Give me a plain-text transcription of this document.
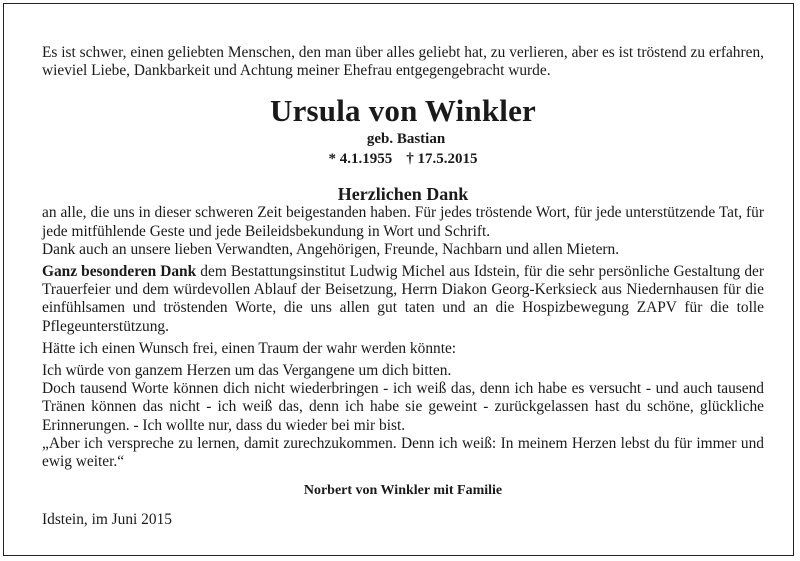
Es ist schwer, einen geliebten Menschen, den man über alles geliebt hat, zu verlieren, aber es ist tröstend zu erfahren, wieviel Liebe, Dankbarkeit und Achtung meiner Ehefrau entgegengebracht wurde.

Ursula von Winkler

geb. Bastian

* 4.1.1955 † 17.5.2015

Herzlichen Dank

an alle, die uns in dieser schweren Zeit beigestanden haben. Für jedes tröstende Wort, für jede unterstützende Tat, für jede mitfühlende Geste und jede Beileidsbekundung in Wort und Schrift.

Dank auch an unsere lieben Verwandten, Angehörigen, Freunde, Nachbarn und allen Mietern.

Ganz besonderen Dank dem Bestattungsinstitut Ludwig Michel aus Idstein, für die sehr persönliche Gestaltung der Trauerfeier und dem würdevollen Ablauf der Beisetzung, Herrn Diakon Georg-Kerksieck aus Niedernhausen für die einfühlsamen und tröstenden Worte, die uns allen gut taten und an die Hospizbewegung ZAPV für die tolle Pflegeunterstützung.

Hätte ich einen Wunsch frei, einen Traum der wahr werden könnte:

Ich würde von ganzem Herzen um das Vergangene um dich bitten.

Doch tausend Worte können dich nicht wiederbringen - ich weiß das, denn ich habe es versucht - und auch tausend Tränen können das nicht - ich weiß das, denn ich habe sie geweint - zurückgelassen hast du schöne, glückliche Erinnerungen. - Ich wollte nur, dass du wieder bei mir bist.

„Aber ich verspreche zu lernen, damit zurechzukommen. Denn ich weiß: In meinem Herzen lebst du für immer und ewig weiter.“

Norbert von Winkler mit Familie

Idstein, im Juni 2015
